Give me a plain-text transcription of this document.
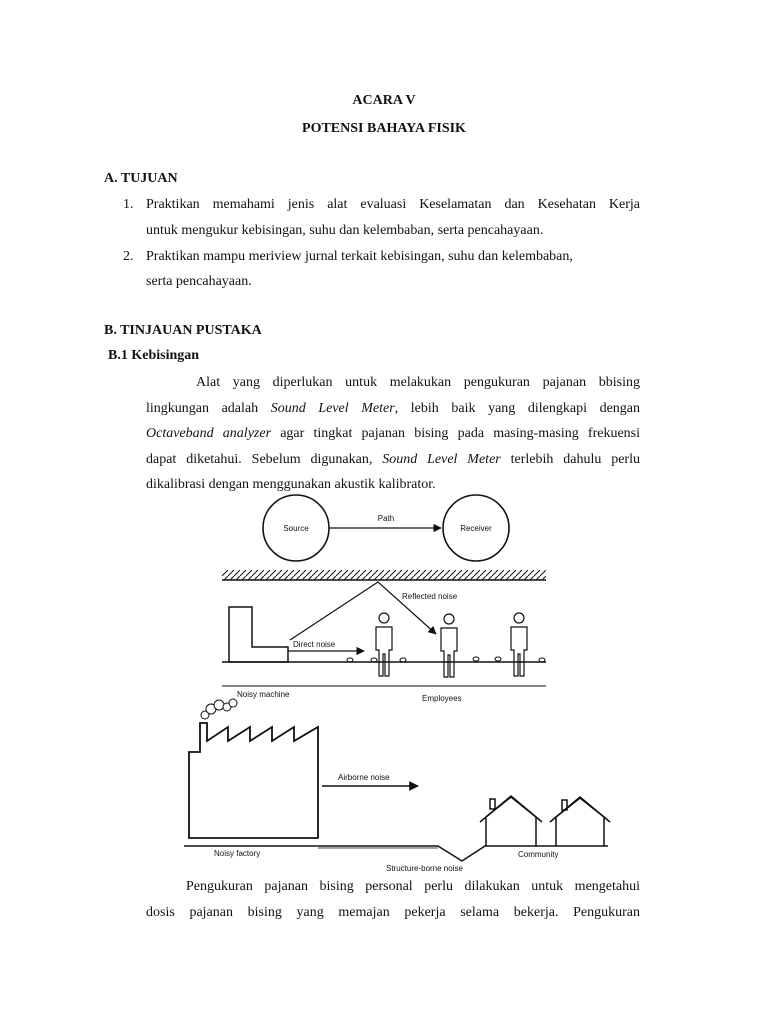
ACARA V
POTENSI BAHAYA FISIK
A. TUJUAN
1. Praktikan memahami jenis alat evaluasi Keselamatan dan Kesehatan Kerja
untuk mengukur kebisingan, suhu dan kelembaban, serta pencahayaan.
2. Praktikan mampu meriview jurnal terkait kebisingan, suhu dan kelembaban,
serta pencahayaan.
B. TINJAUAN PUSTAKA
B.1 Kebisingan
Alat yang diperlukan untuk melakukan pengukuran pajanan bbising
lingkungan adalah Sound Level Meter, lebih baik yang dilengkapi dengan
Octaveband analyzer agar tingkat pajanan bising pada masing-masing frekuensi
dapat diketahui. Sebelum digunakan, Sound Level Meter terlebih dahulu perlu
dikalibrasi dengan menggunakan akustik kalibrator.
Source	Receiver
Path
Reflected noise
Direct noise
Noisy machine	Employees
Airborne noise
Noisy factory
Structure-borne noise
Community
Pengukuran pajanan bising personal perlu dilakukan untuk mengetahui
dosis pajanan bising yang memajan pekerja selama bekerja. Pengukuran
